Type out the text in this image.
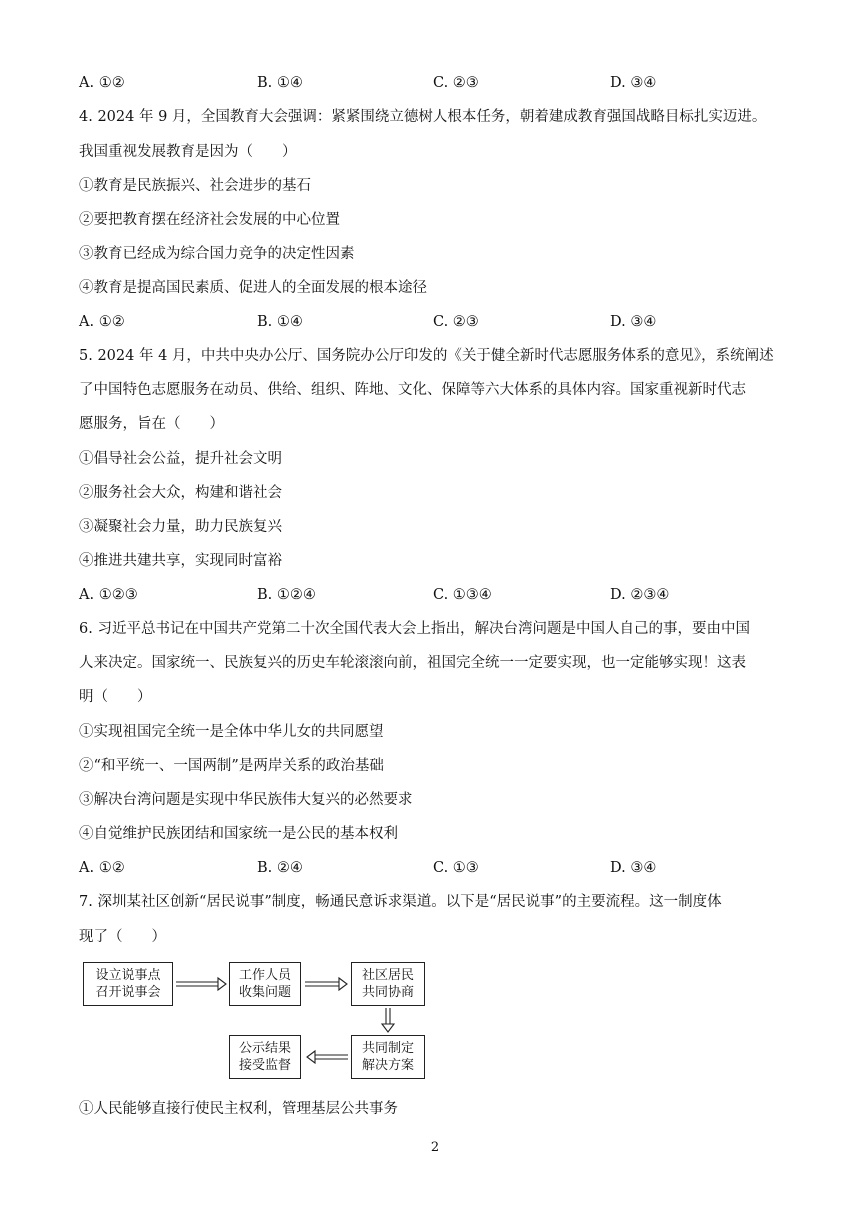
A. ①②	B. ①④	C. ②③	D. ③④
4. 2024 年 9 月，全国教育大会强调：紧紧围绕立德树人根本任务，朝着建成教育强国战略目标扎实迈进。
我国重视发展教育是因为（　　）
①教育是民族振兴、社会进步的基石
②要把教育摆在经济社会发展的中心位置
③教育已经成为综合国力竞争的决定性因素
④教育是提高国民素质、促进人的全面发展的根本途径
A. ①②	B. ①④	C. ②③	D. ③④
5. 2024 年 4 月，中共中央办公厅、国务院办公厅印发的《关于健全新时代志愿服务体系的意见》，系统阐述
了中国特色志愿服务在动员、供给、组织、阵地、文化、保障等六大体系的具体内容。国家重视新时代志
愿服务，旨在（　　）
①倡导社会公益，提升社会文明
②服务社会大众，构建和谐社会
③凝聚社会力量，助力民族复兴
④推进共建共享，实现同时富裕
A. ①②③	B. ①②④	C. ①③④	D. ②③④
6. 习近平总书记在中国共产党第二十次全国代表大会上指出，解决台湾问题是中国人自己的事，要由中国
人来决定。国家统一、民族复兴的历史车轮滚滚向前，祖国完全统一一定要实现，也一定能够实现！这表
明（　　）
①实现祖国完全统一是全体中华儿女的共同愿望
②“和平统一、一国两制”是两岸关系的政治基础
③解决台湾问题是实现中华民族伟大复兴的必然要求
④自觉维护民族团结和国家统一是公民的基本权利
A. ①②	B. ②④	C. ①③	D. ③④
7. 深圳某社区创新“居民说事”制度，畅通民意诉求渠道。以下是“居民说事”的主要流程。这一制度体
现了（　　）
设立说事点
召开说事会
工作人员
收集问题
社区居民
共同协商
共同制定
解决方案
公示结果
接受监督
①人民能够直接行使民主权利，管理基层公共事务
2
